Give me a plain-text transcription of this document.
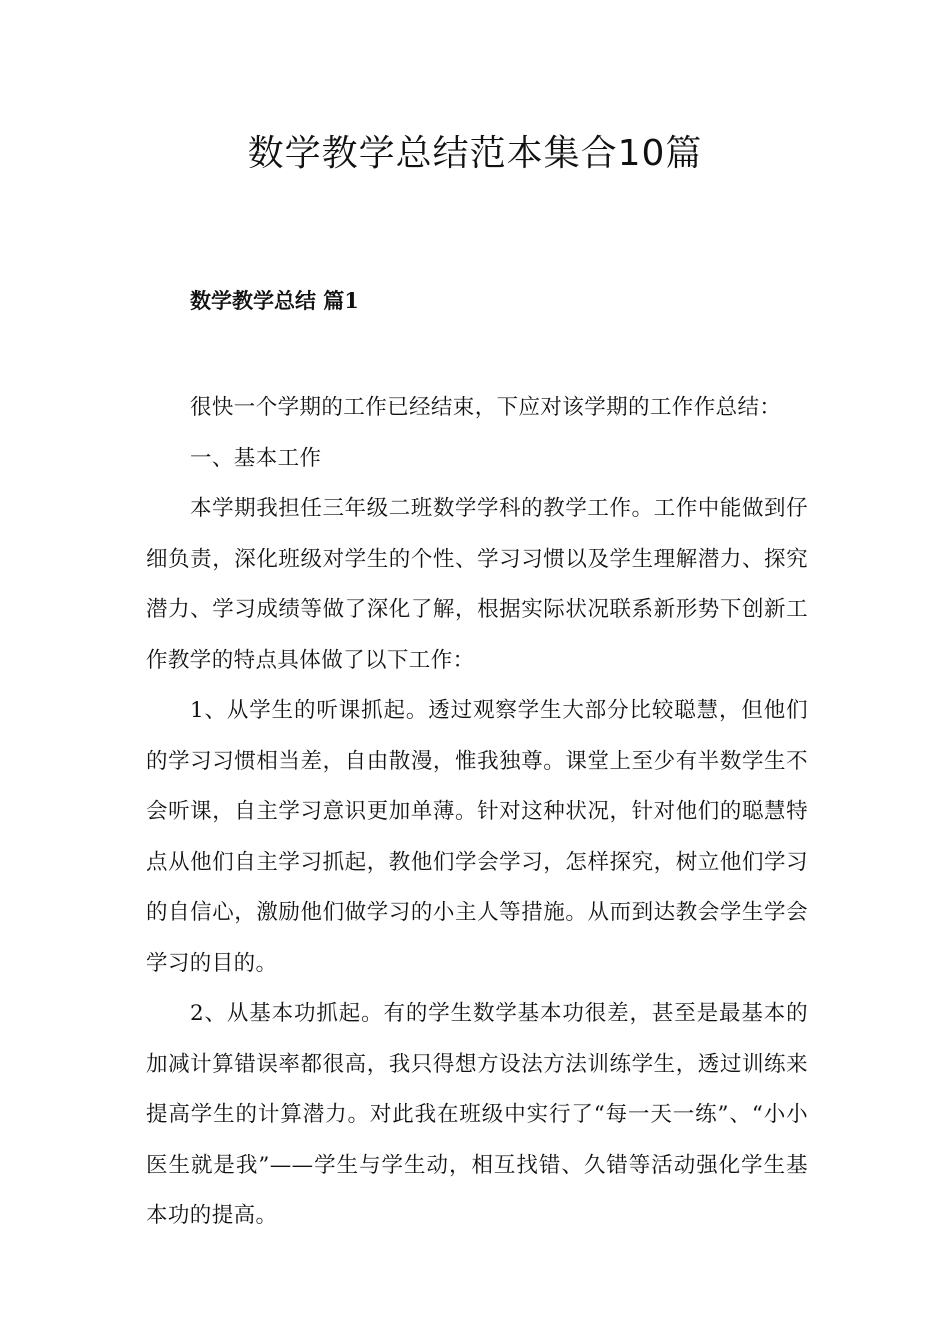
数学教学总结范本集合10篇
数学教学总结 篇1

很快一个学期的工作已经结束，下应对该学期的工作作总结：

一、基本工作

本学期我担任三年级二班数学学科的教学工作。工作中能做到仔细负责，深化班级对学生的个性、学习习惯以及学生理解潜力、探究潜力、学习成绩等做了深化了解，根据实际状况联系新形势下创新工作教学的特点具体做了以下工作：

1、从学生的听课抓起。透过观察学生大部分比较聪慧，但他们的学习习惯相当差，自由散漫，惟我独尊。课堂上至少有半数学生不会听课，自主学习意识更加单薄。针对这种状况，针对他们的聪慧特点从他们自主学习抓起，教他们学会学习，怎样探究，树立他们学习的自信心，激励他们做学习的小主人等措施。从而到达教会学生学会学习的目的。

2、从基本功抓起。有的学生数学基本功很差，甚至是最基本的加减计算错误率都很高，我只得想方设法方法训练学生，透过训练来提高学生的计算潜力。对此我在班级中实行了“每一天一练”、“小小医生就是我”——学生与学生动，相互找错、久错等活动强化学生基本功的提高。
